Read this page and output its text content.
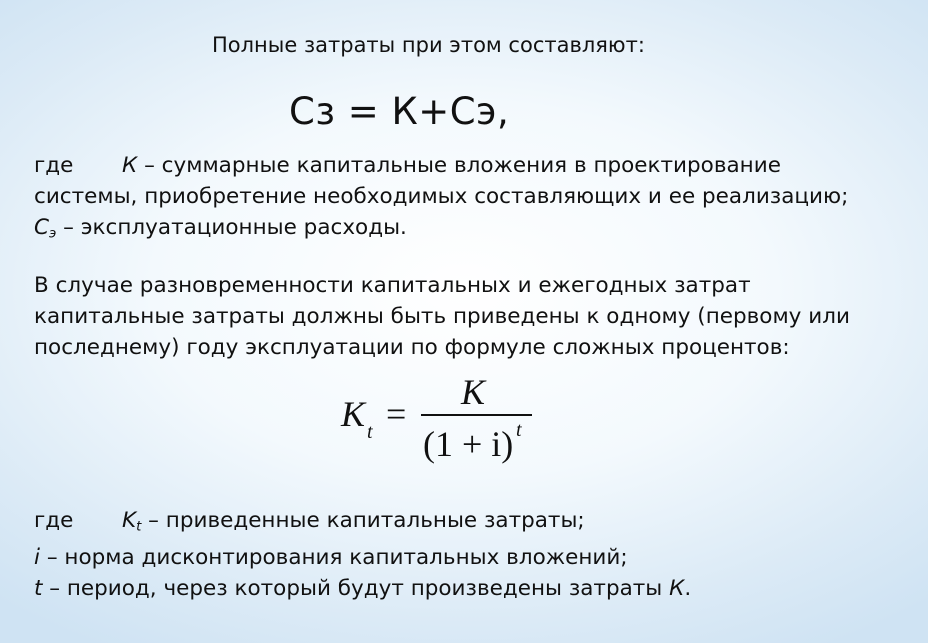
Полные затраты при этом составляют:
Сз = К+Сэ,
где К – суммарные капитальные вложения в проектирование
системы, приобретение необходимых составляющих и ее реализацию;
$С_э$ – эксплуатационные расходы.
В случае разновременности капитальных и ежегодных затрат
капитальные затраты должны быть приведены к одному (первому или
последнему) году эксплуатации по формуле сложных процентов:
K t =
K
(1 + i) t
где $K_t$ – приведенные капитальные затраты;
i – норма дисконтирования капитальных вложений;
t – период, через который будут произведены затраты К.
